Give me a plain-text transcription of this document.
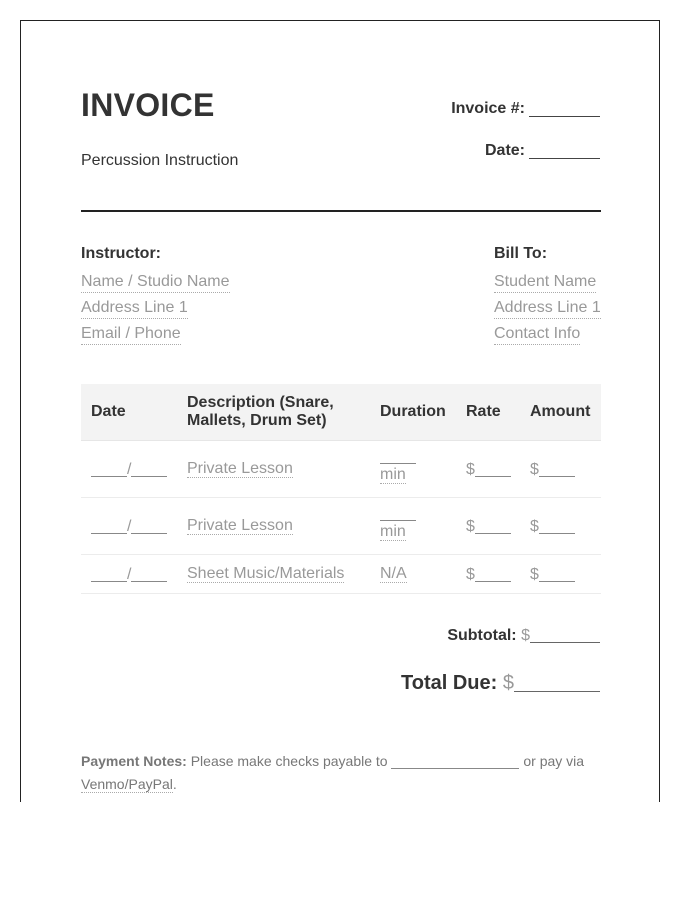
INVOICE
Percussion Instruction
Invoice #:
Date:
Instructor:
Name / Studio Name
Address Line 1
Email / Phone
Bill To:
Student Name
Address Line 1
Contact Info
Date	Description (Snare, Mallets, Drum Set)	Duration	Rate	Amount
/	Private Lesson	min	$	$
/	Private Lesson	min	$	$
/	Sheet Music/Materials	N/A	$	$
Subtotal: $
Total Due: $
Payment Notes: Please make checks payable to	or pay via Venmo/PayPal.
